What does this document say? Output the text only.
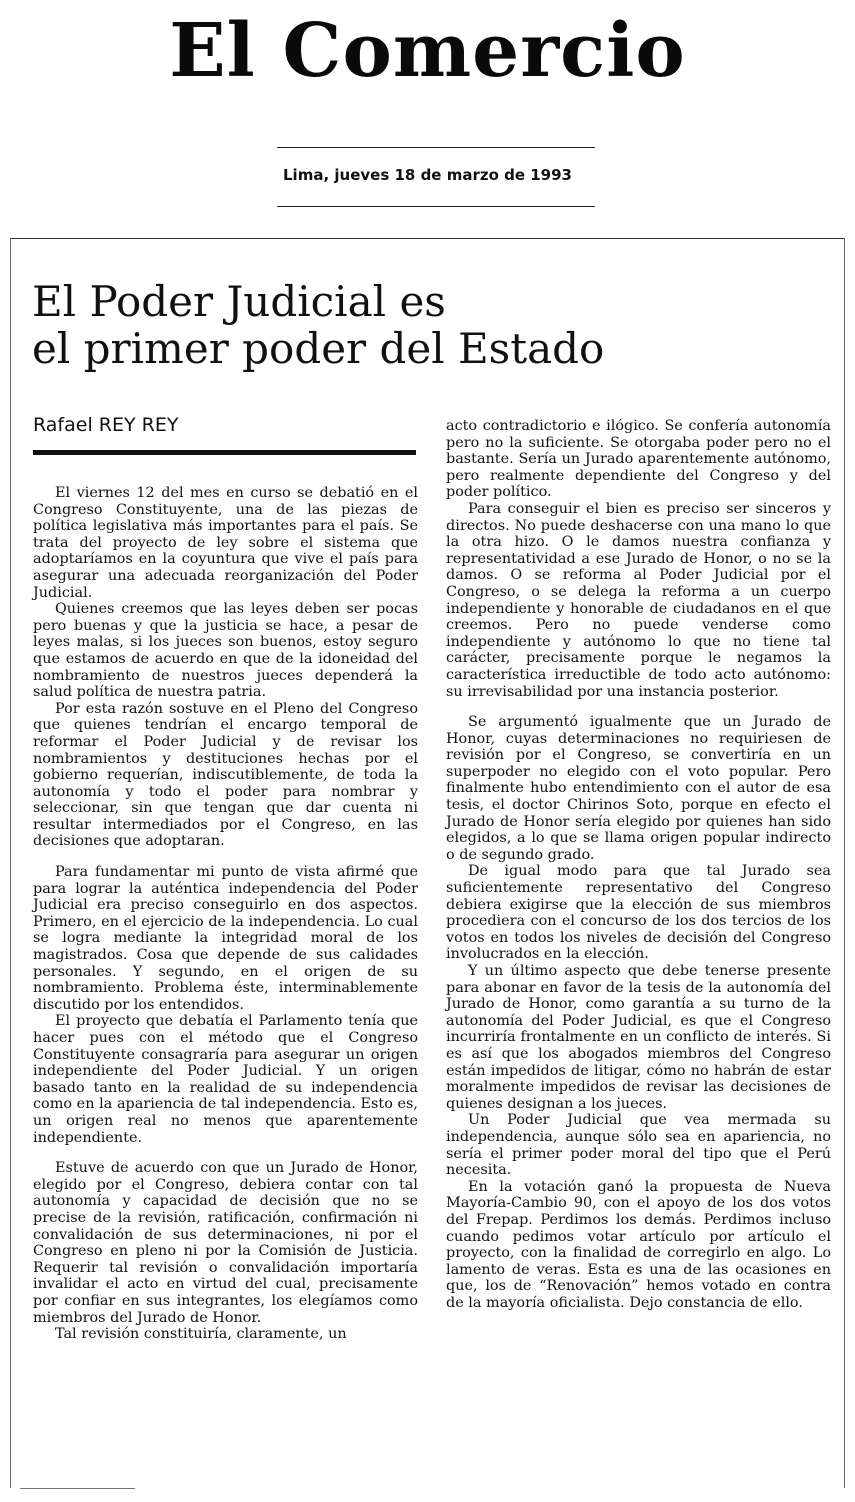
El Comercio
Lima, jueves 18 de marzo de 1993
El Poder Judicial es
el primer poder del Estado
Rafael REY REY

El viernes 12 del mes en curso se debatió en el Congreso Constituyente, una de las piezas de política legislativa más importantes para el país. Se trata del proyecto de ley sobre el sistema que adoptaríamos en la coyuntura que vive el país para asegurar una adecuada reorganización del Poder Judicial.

Quienes creemos que las leyes deben ser pocas pero buenas y que la justicia se hace, a pesar de leyes malas, si los jueces son buenos, estoy seguro que estamos de acuerdo en que de la idoneidad del nombramiento de nuestros jueces dependerá la salud política de nuestra patria.

Por esta razón sostuve en el Pleno del Congreso que quienes tendrían el encargo temporal de reformar el Poder Judicial y de revisar los nombramientos y destituciones hechas por el gobierno requerían, indiscutiblemente, de toda la autonomía y todo el poder para nombrar y seleccionar, sin que tengan que dar cuenta ni resultar intermediados por el Congreso, en las decisiones que adoptaran.

Para fundamentar mi punto de vista afirmé que para lograr la auténtica independencia del Poder Judicial era preciso conseguirlo en dos aspectos. Primero, en el ejercicio de la independencia. Lo cual se logra mediante la integridad moral de los magistrados. Cosa que depende de sus calidades personales. Y segundo, en el origen de su nombramiento. Problema éste, interminablemente discutido por los entendidos.

El proyecto que debatía el Parlamento tenía que hacer pues con el método que el Congreso Constituyente consagraría para asegurar un origen independiente del Poder Judicial. Y un origen basado tanto en la realidad de su independencia como en la apariencia de tal independencia. Esto es, un origen real no menos que aparentemente independiente.

Estuve de acuerdo con que un Jurado de Honor, elegido por el Congreso, debiera contar con tal autonomía y capacidad de decisión que no se precise de la revisión, ratificación, confirmación ni convalidación de sus determinaciones, ni por el Congreso en pleno ni por la Comisión de Justicia. Requerir tal revisión o convalidación importaría invalidar el acto en virtud del cual, precisamente por confiar en sus integrantes, los elegíamos como miembros del Jurado de Honor.

Tal revisión constituiría, claramente, un

acto contradictorio e ilógico. Se confería autonomía pero no la suficiente. Se otorgaba poder pero no el bastante. Sería un Jurado aparentemente autónomo, pero realmente dependiente del Congreso y del poder político.

Para conseguir el bien es preciso ser sinceros y directos. No puede deshacerse con una mano lo que la otra hizo. O le damos nuestra confianza y representatividad a ese Jurado de Honor, o no se la damos. O se reforma al Poder Judicial por el Congreso, o se delega la reforma a un cuerpo independiente y honorable de ciudadanos en el que creemos. Pero no puede venderse como independiente y autónomo lo que no tiene tal carácter, precisamente porque le negamos la característica irreductible de todo acto autónomo: su irrevisabilidad por una instancia posterior.

Se argumentó igualmente que un Jurado de Honor, cuyas determinaciones no requiriesen de revisión por el Congreso, se convertiría en un superpoder no elegido con el voto popular. Pero finalmente hubo entendimiento con el autor de esa tesis, el doctor Chirinos Soto, porque en efecto el Jurado de Honor sería elegido por quienes han sido elegidos, a lo que se llama origen popular indirecto o de segundo grado.

De igual modo para que tal Jurado sea suficientemente representativo del Congreso debiera exigirse que la elección de sus miembros procediera con el concurso de los dos tercios de los votos en todos los niveles de decisión del Congreso involucrados en la elección.

Y un último aspecto que debe tenerse presente para abonar en favor de la tesis de la autonomía del Jurado de Honor, como garantía a su turno de la autonomía del Poder Judicial, es que el Congreso incurriría frontalmente en un conflicto de interés. Si es así que los abogados miembros del Congreso están impedidos de litigar, cómo no habrán de estar moralmente impedidos de revisar las decisiones de quienes designan a los jueces.

Un Poder Judicial que vea mermada su independencia, aunque sólo sea en apariencia, no sería el primer poder moral del tipo que el Perú necesita.

En la votación ganó la propuesta de Nueva Mayoría-Cambio 90, con el apoyo de los dos votos del Frepap. Perdimos los demás. Perdimos incluso cuando pedimos votar artículo por artículo el proyecto, con la finalidad de corregirlo en algo. Lo lamento de veras. Esta es una de las ocasiones en que, los de “Renovación” hemos votado en contra de la mayoría oficialista. Dejo constancia de ello.
